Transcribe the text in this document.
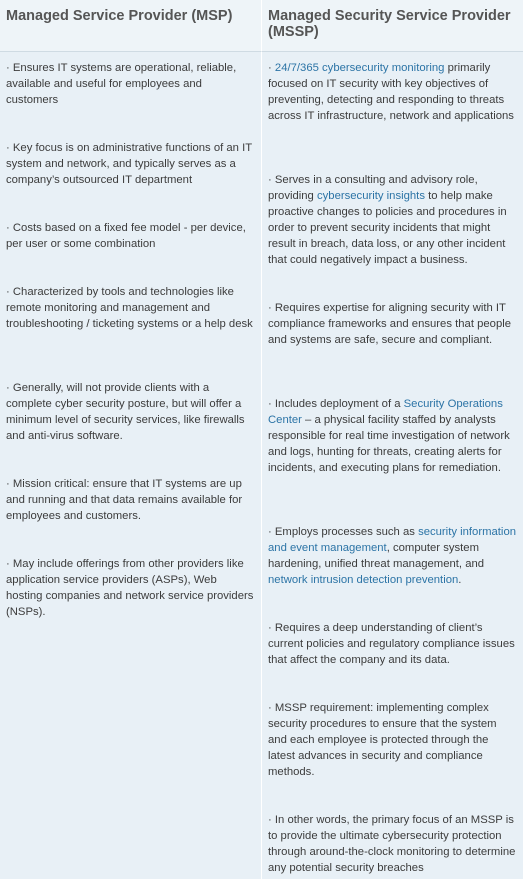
Managed Service Provider (MSP)	Managed Security Service Provider (MSSP)
· Ensures IT systems are operational, reliable, available and useful for employees and customers
· Key focus is on administrative functions of an IT system and network, and typically serves as a company’s outsourced IT department
· Costs based on a fixed fee model - per device, per user or some combination
· Characterized by tools and technologies like remote monitoring and management and troubleshooting / ticketing systems or a help desk
· Generally, will not provide clients with a complete cyber security posture, but will offer a minimum level of security services, like firewalls and anti-virus software.
· Mission critical: ensure that IT systems are up and running and that data remains available for employees and customers.
· May include offerings from other providers like application service providers (ASPs), Web hosting companies and network service providers (NSPs).
· 24/7/365 cybersecurity monitoring primarily focused on IT security with key objectives of preventing, detecting and responding to threats across IT infrastructure, network and applications
· Serves in a consulting and advisory role, providing cybersecurity insights to help make proactive changes to policies and procedures in order to prevent security incidents that might result in breach, data loss, or any other incident that could negatively impact a business.
· Requires expertise for aligning security with IT compliance frameworks and ensures that people and systems are safe, secure and compliant.
· Includes deployment of a Security Operations Center – a physical facility staffed by analysts responsible for real time investigation of network and logs, hunting for threats, creating alerts for incidents, and executing plans for remediation.
· Employs processes such as security information and event management, computer system hardening, unified threat management, and network intrusion detection prevention.
· Requires a deep understanding of client’s current policies and regulatory compliance issues that affect the company and its data.
· MSSP requirement: implementing complex security procedures to ensure that the system and each employee is protected through the latest advances in security and compliance methods.
· In other words, the primary focus of an MSSP is to provide the ultimate cybersecurity protection through around-the-clock monitoring to determine any potential security breaches
